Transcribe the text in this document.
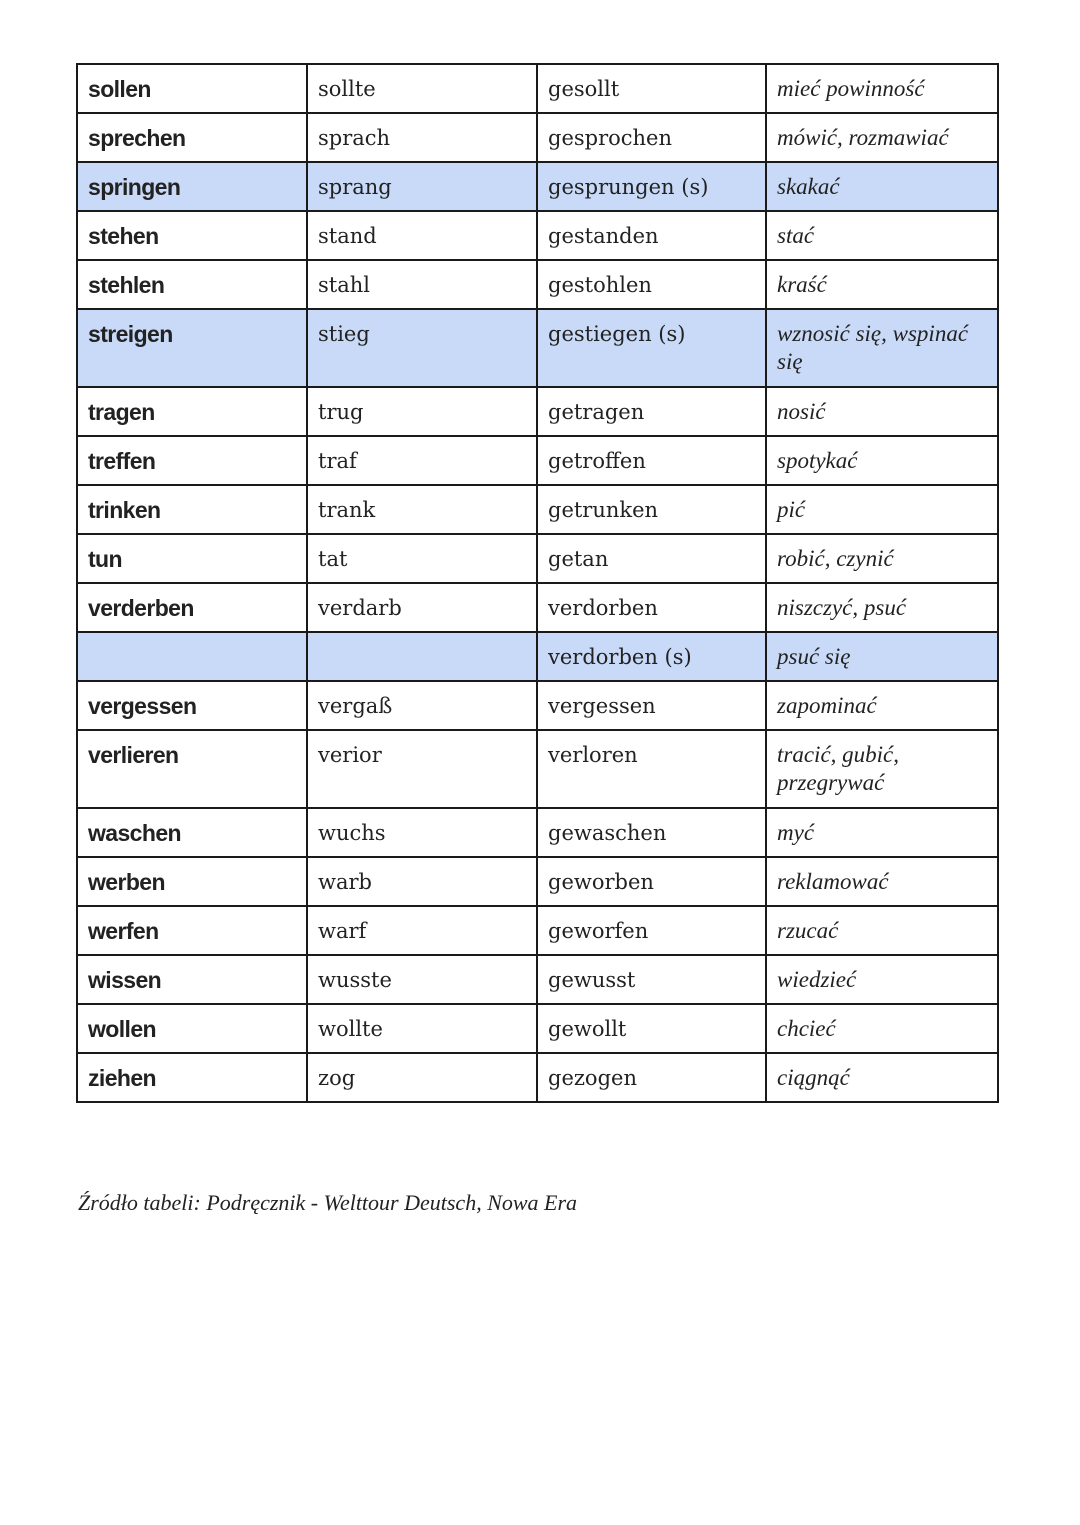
sollen	sollte	gesollt	mieć powinność
sprechen	sprach	gesprochen	mówić, rozmawiać
springen	sprang	gesprungen (s)	skakać
stehen	stand	gestanden	stać
stehlen	stahl	gestohlen	kraść
streigen	stieg	gestiegen (s)	wznosić się, wspinać się
tragen	trug	getragen	nosić
treffen	traf	getroffen	spotykać
trinken	trank	getrunken	pić
tun	tat	getan	robić, czynić
verderben	verdarb	verdorben	niszczyć, psuć
		verdorben (s)	psuć się
vergessen	vergaß	vergessen	zapominać
verlieren	verior	verloren	tracić, gubić, przegrywać
waschen	wuchs	gewaschen	myć
werben	warb	geworben	reklamować
werfen	warf	geworfen	rzucać
wissen	wusste	gewusst	wiedzieć
wollen	wollte	gewollt	chcieć
ziehen	zog	gezogen	ciągnąć
Źródło tabeli: Podręcznik - Welttour Deutsch, Nowa Era
